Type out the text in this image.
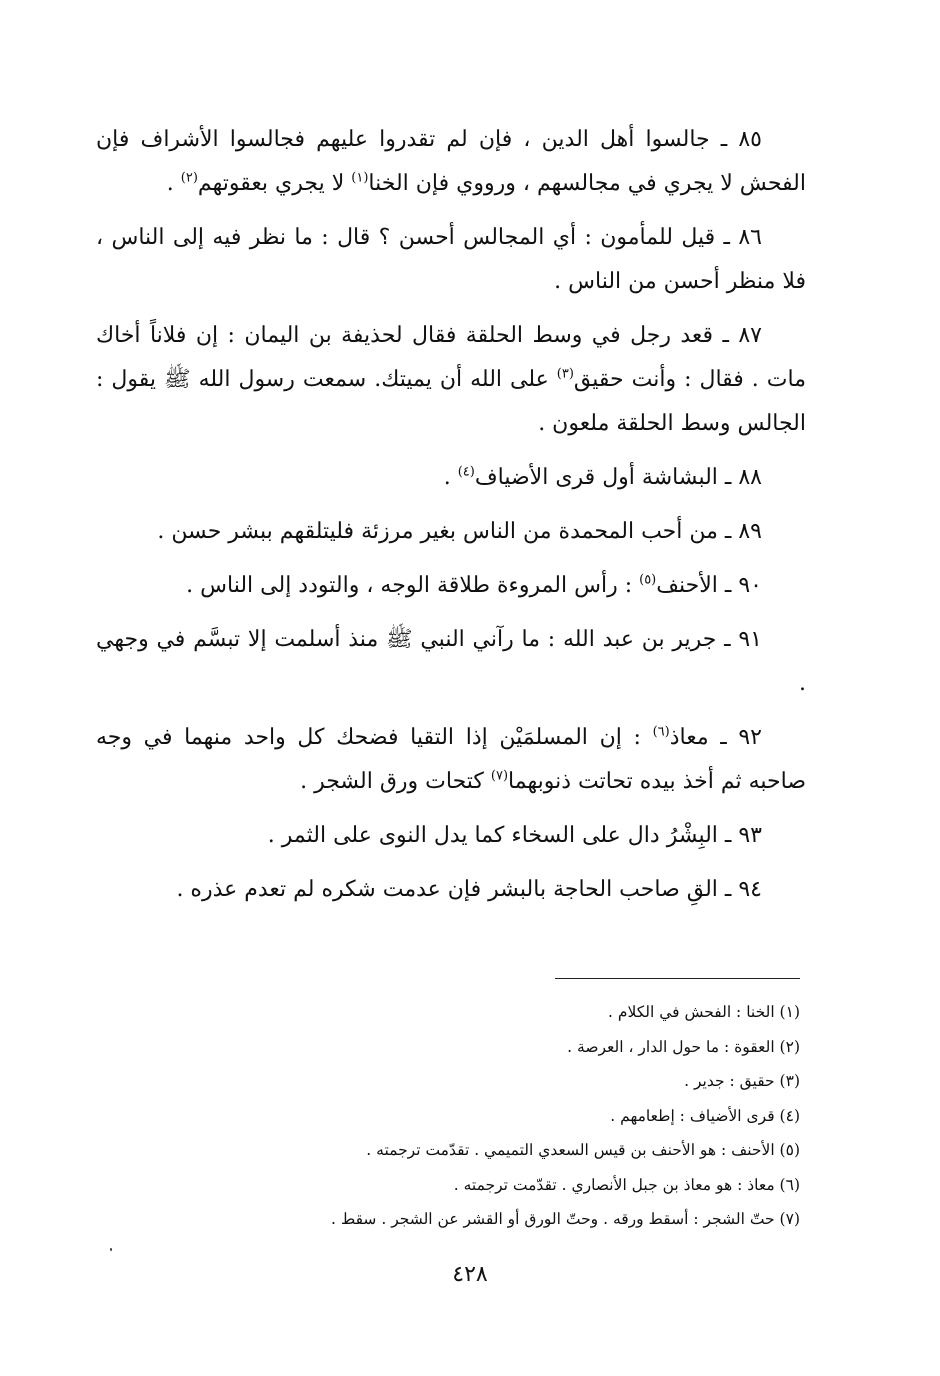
٨٥ ـ جالسوا أهل الدين ، فإن لم تقدروا عليهم فجالسوا الأشراف فإن الفحش لا يجري في مجالسهم ، ورووي فإن الخنا$^{(١)}$ لا يجري بعقوتهم$^{(٢)}$ .

٨٦ ـ قيل للمأمون : أي المجالس أحسن ؟ قال : ما نظر فيه إلى الناس ، فلا منظر أحسن من الناس .

٨٧ ـ قعد رجل في وسط الحلقة فقال لحذيفة بن اليمان : إن فلاناً أخاك مات . فقال : وأنت حقيق$^{(٣)}$ على الله أن يميتك. سمعت رسول الله ﷺ يقول : الجالس وسط الحلقة ملعون .

٨٨ ـ البشاشة أول قرى الأضياف$^{(٤)}$ .

٨٩ ـ من أحب المحمدة من الناس بغير مرزئة فليتلقهم ببشر حسن .

٩٠ ـ الأحنف$^{(٥)}$ : رأس المروءة طلاقة الوجه ، والتودد إلى الناس .

٩١ ـ جرير بن عبد الله : ما رآني النبي ﷺ منذ أسلمت إلا تبسَّم في وجهي .

٩٢ ـ معاذ$^{(٦)}$ : إن المسلمَيْن إذا التقيا فضحك كل واحد منهما في وجه صاحبه ثم أخذ بيده تحاتت ذنوبهما$^{(٧)}$ كتحات ورق الشجر .

٩٣ ـ البِشْرُ دال على السخاء كما يدل النوى على الثمر .

٩٤ ـ القِ صاحب الحاجة بالبشر فإن عدمت شكره لم تعدم عذره .

(١) الخنا : الفحش في الكلام .

(٢) العقوة : ما حول الدار ، العرصة .

(٣) حقيق : جدير .

(٤) قرى الأضياف : إطعامهم .

(٥) الأحنف : هو الأحنف بن قيس السعدي التميمي . تقدّمت ترجمته .

(٦) معاذ : هو معاذ بن جبل الأنصاري . تقدّمت ترجمته .

(٧) حتّ الشجر : أسقط ورقه . وحتّ الورق أو القشر عن الشجر . سقط .

٤٢٨
